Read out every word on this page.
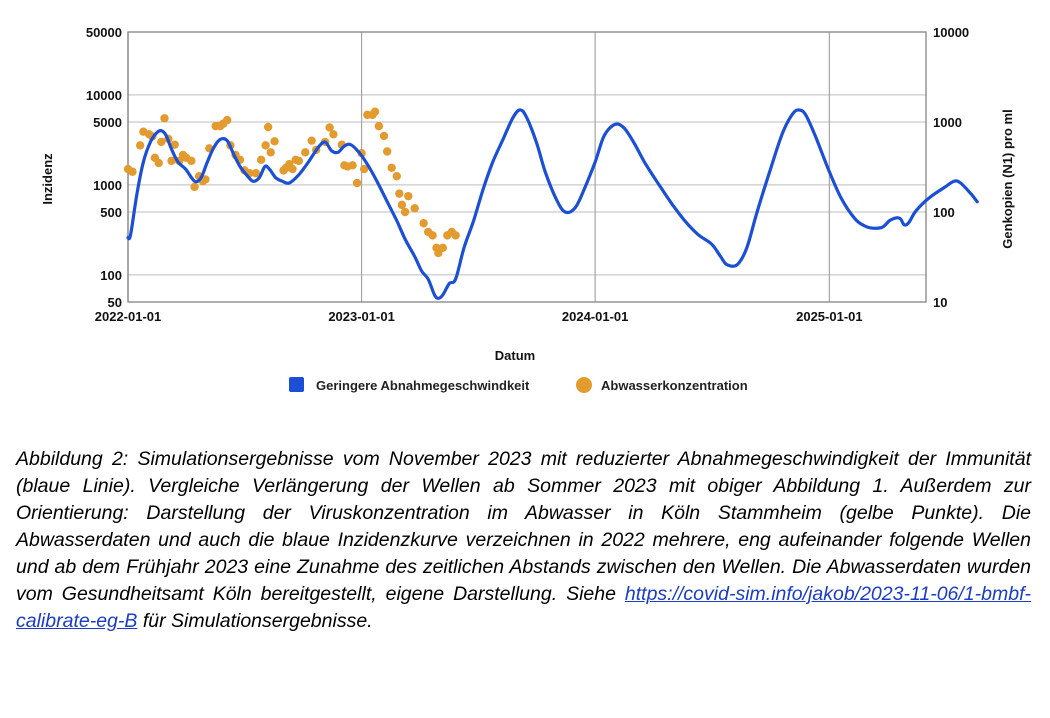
50
100
500
1000
5000
10000
50000
10
100
1000
10000
2022-01-01	2023-01-01	2024-01-01	2025-01-01
Datum
Inzidenz	Genkopien (N1) pro ml
Geringere Abnahmegeschwindkeit	Abwasserkonzentration

Abbildung 2: Simulationsergebnisse vom November 2023 mit reduzierter Abnahmegeschwindigkeit der Immunität (blaue Linie). Vergleiche Verlängerung der Wellen ab Sommer 2023 mit obiger Abbildung 1. Außerdem zur Orientierung: Darstellung der Viruskonzentration im Abwasser in Köln Stammheim (gelbe Punkte). Die Abwasserdaten und auch die blaue Inzidenzkurve verzeichnen in 2022 mehrere, eng aufeinander folgende Wellen und ab dem Frühjahr 2023 eine Zunahme des zeitlichen Abstands zwischen den Wellen. Die Abwasserdaten wurden vom Gesundheitsamt Köln bereitgestellt, eigene Darstellung. Siehe https://covid-sim.info/jakob/2023-11-06/1-bmbf-calibrate-eg-B für Simulationsergebnisse.
